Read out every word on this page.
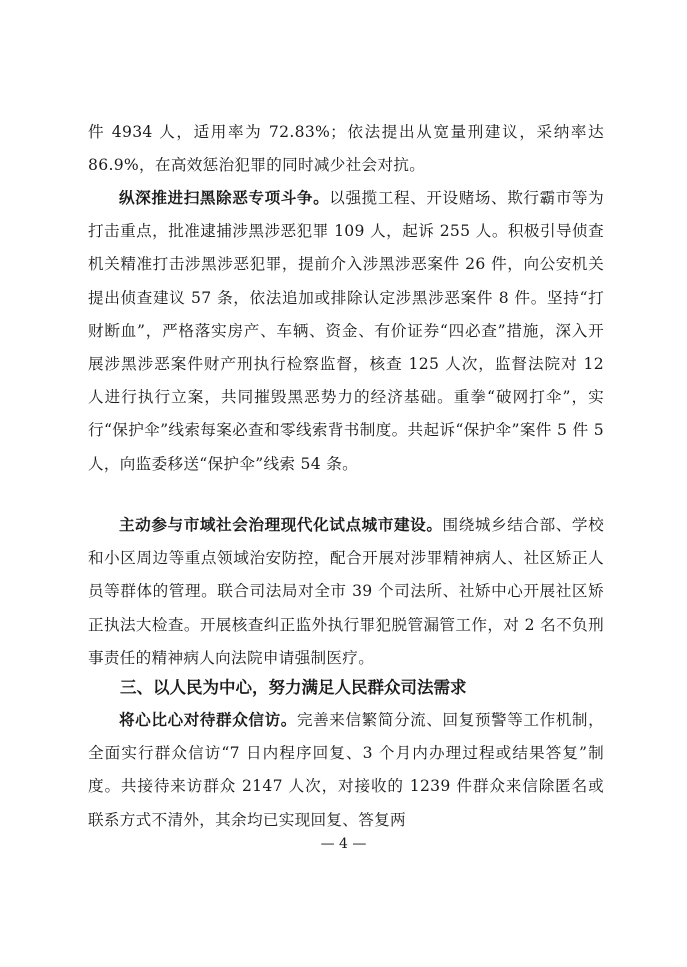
件 4934 人，适用率为 72.83%；依法提出从宽量刑建议，采纳率达 86.9%，在高效惩治犯罪的同时减少社会对抗。

纵深推进扫黑除恶专项斗争。以强揽工程、开设赌场、欺行霸市等为打击重点，批准逮捕涉黑涉恶犯罪 109 人，起诉 255 人。积极引导侦查机关精准打击涉黑涉恶犯罪，提前介入涉黑涉恶案件 26 件，向公安机关提出侦查建议 57 条，依法追加或排除认定涉黑涉恶案件 8 件。坚持“打财断血”，严格落实房产、车辆、资金、有价证券“四必查”措施，深入开展涉黑涉恶案件财产刑执行检察监督，核查 125 人次，监督法院对 12 人进行执行立案，共同摧毁黑恶势力的经济基础。重拳“破网打伞”，实行“保护伞”线索每案必查和零线索背书制度。共起诉“保护伞”案件 5 件 5 人，向监委移送“保护伞”线索 54 条。

主动参与市域社会治理现代化试点城市建设。围绕城乡结合部、学校和小区周边等重点领域治安防控，配合开展对涉罪精神病人、社区矫正人员等群体的管理。联合司法局对全市 39 个司法所、社矫中心开展社区矫正执法大检查。开展核查纠正监外执行罪犯脱管漏管工作，对 2 名不负刑事责任的精神病人向法院申请强制医疗。

三、以人民为中心，努力满足人民群众司法需求

将心比心对待群众信访。完善来信繁简分流、回复预警等工作机制，全面实行群众信访“7 日内程序回复、3 个月内办理过程或结果答复”制度。共接待来访群众 2147 人次，对接收的 1239 件群众来信除匿名或联系方式不清外，其余均已实现回复、答复两

— 4 —
